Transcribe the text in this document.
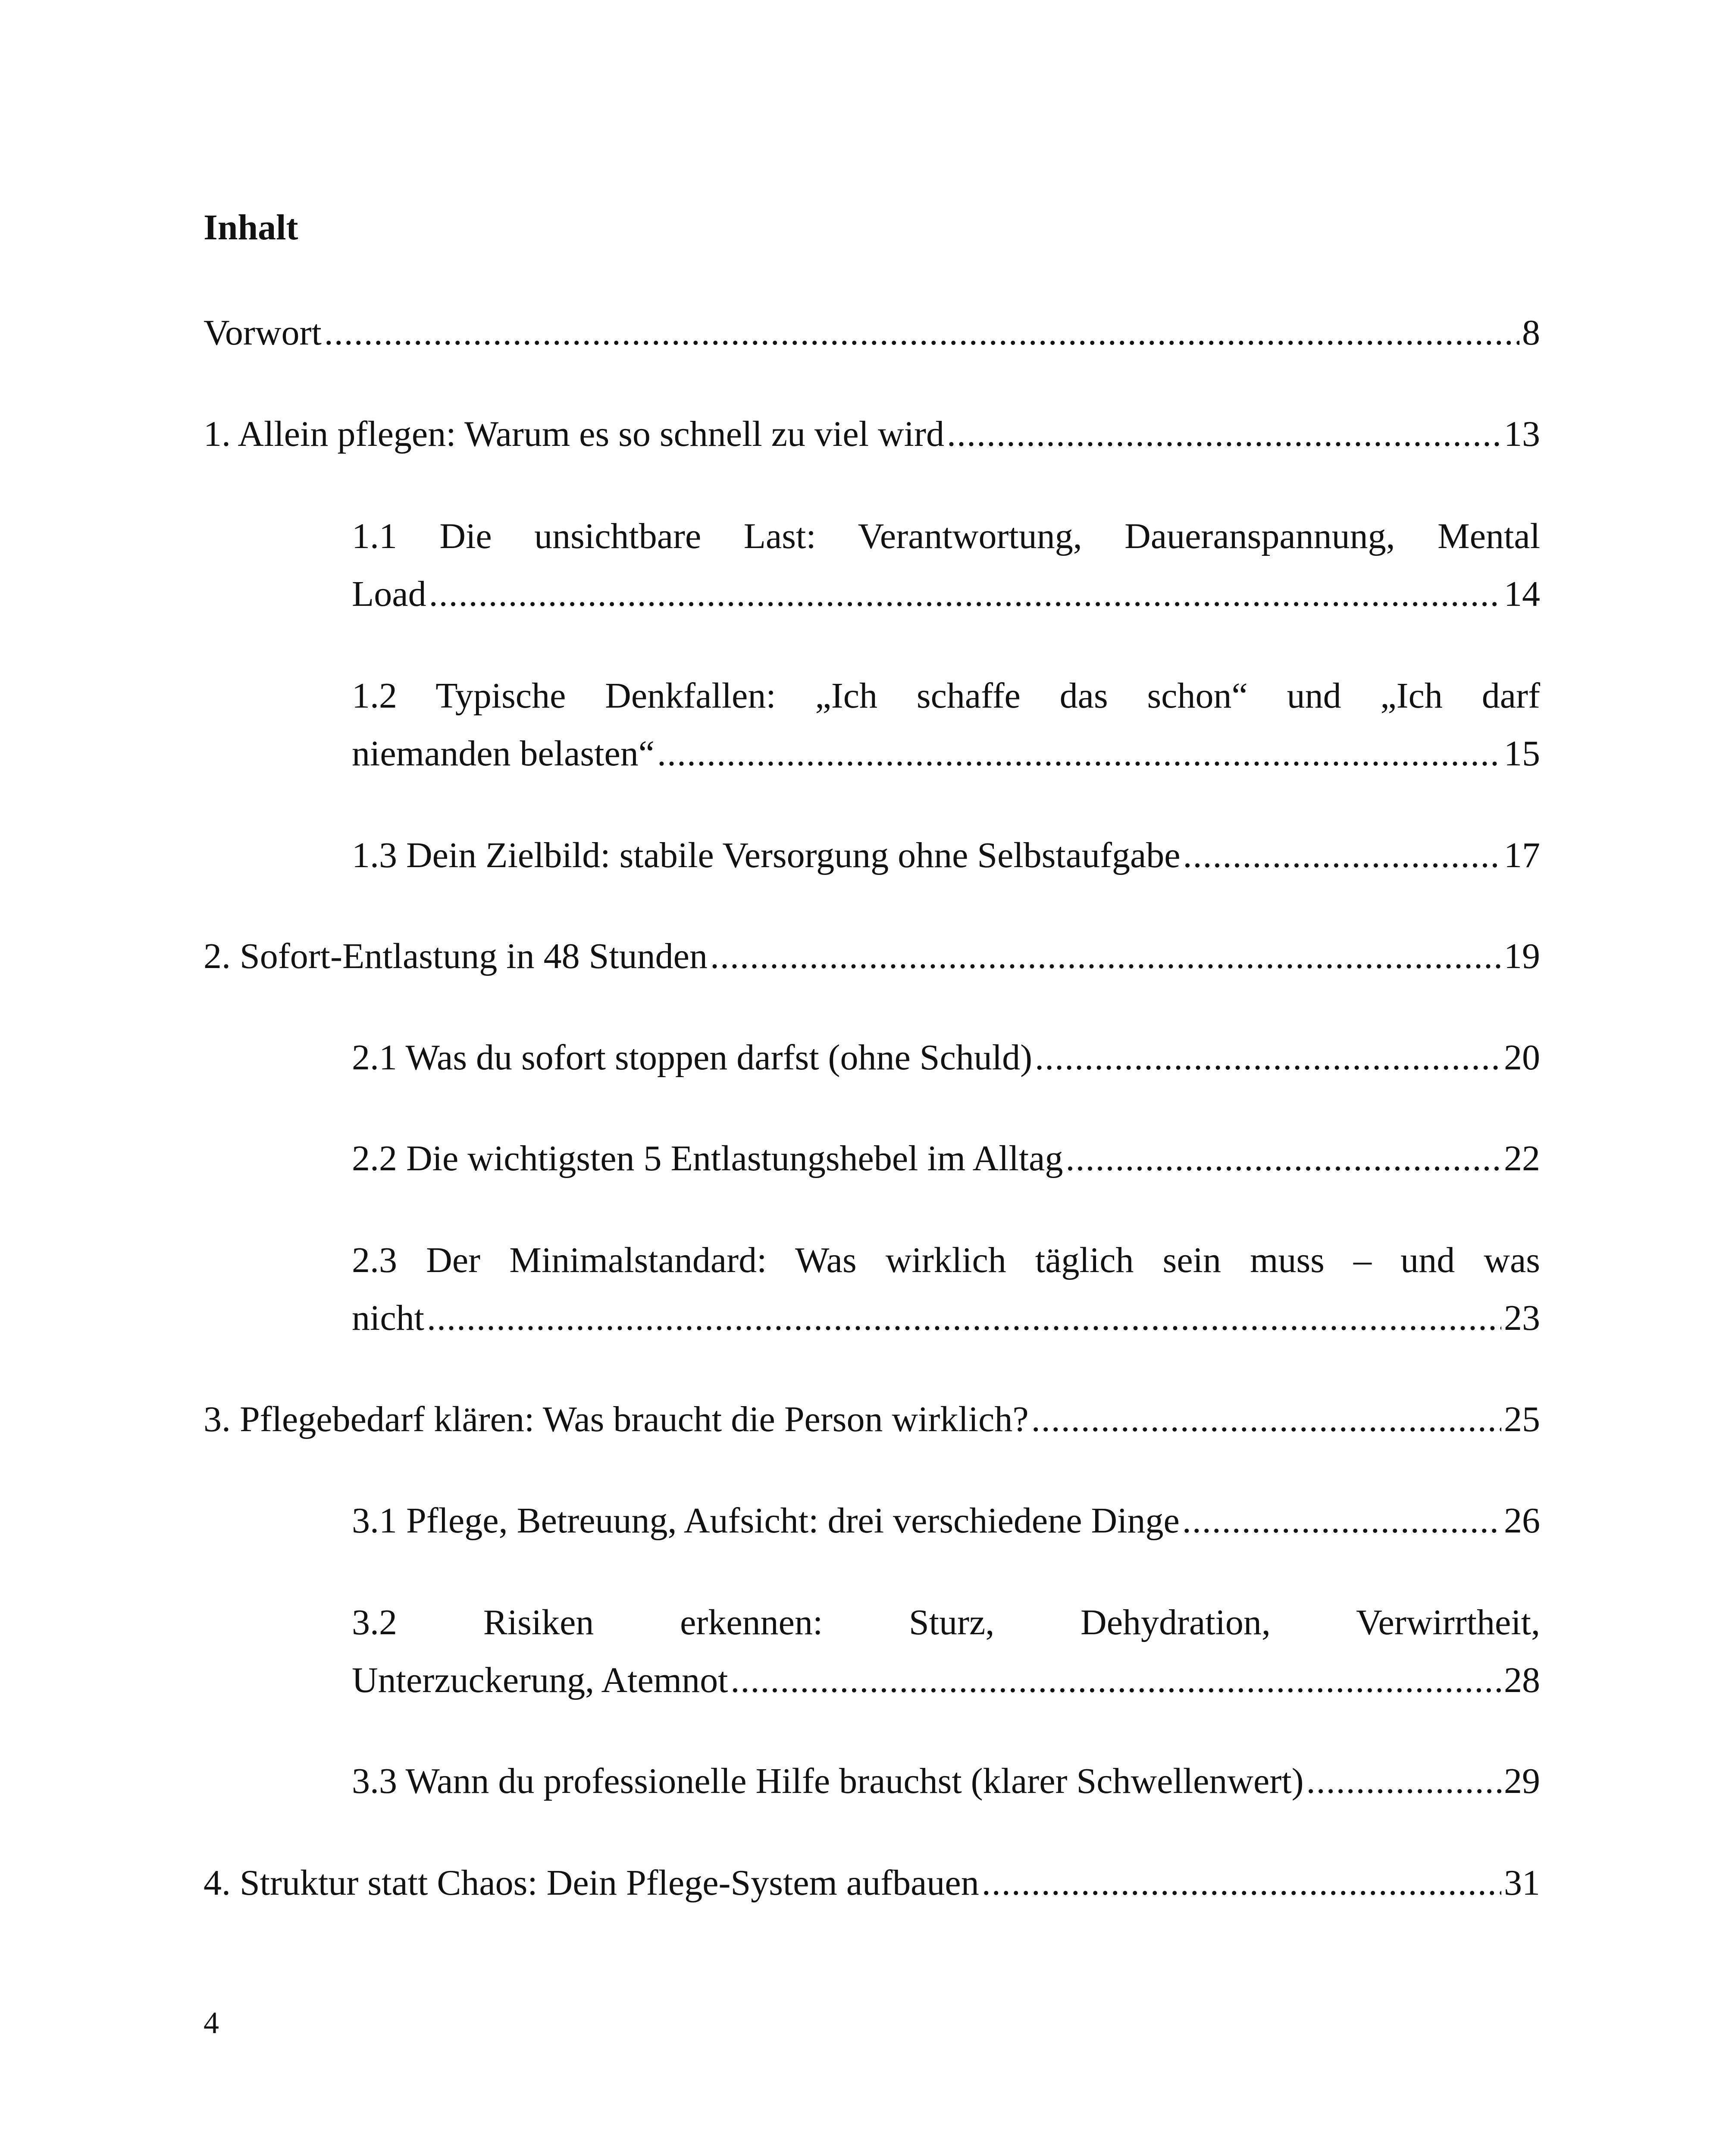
Inhalt
Vorwort .....	8
1. Allein pflegen: Warum es so schnell zu viel wird .....	13
1.1 Die unsichtbare Last: Verantwortung, Daueranspannung, Mental
Load .....	14
1.2 Typische Denkfallen: „Ich schaffe das schon“ und „Ich darf
niemanden belasten“ .....	15
1.3 Dein Zielbild: stabile Versorgung ohne Selbstaufgabe .....	17
2. Sofort-Entlastung in 48 Stunden .....	19
2.1 Was du sofort stoppen darfst (ohne Schuld) .....	20
2.2 Die wichtigsten 5 Entlastungshebel im Alltag .....	22
2.3 Der Minimalstandard: Was wirklich täglich sein muss – und was
nicht .....	23
3. Pflegebedarf klären: Was braucht die Person wirklich? .....	25
3.1 Pflege, Betreuung, Aufsicht: drei verschiedene Dinge .....	26
3.2 Risiken erkennen: Sturz, Dehydration, Verwirrtheit,
Unterzuckerung, Atemnot .....	28
3.3 Wann du professionelle Hilfe brauchst (klarer Schwellenwert) .....	29
4. Struktur statt Chaos: Dein Pflege-System aufbauen .....	31
4
